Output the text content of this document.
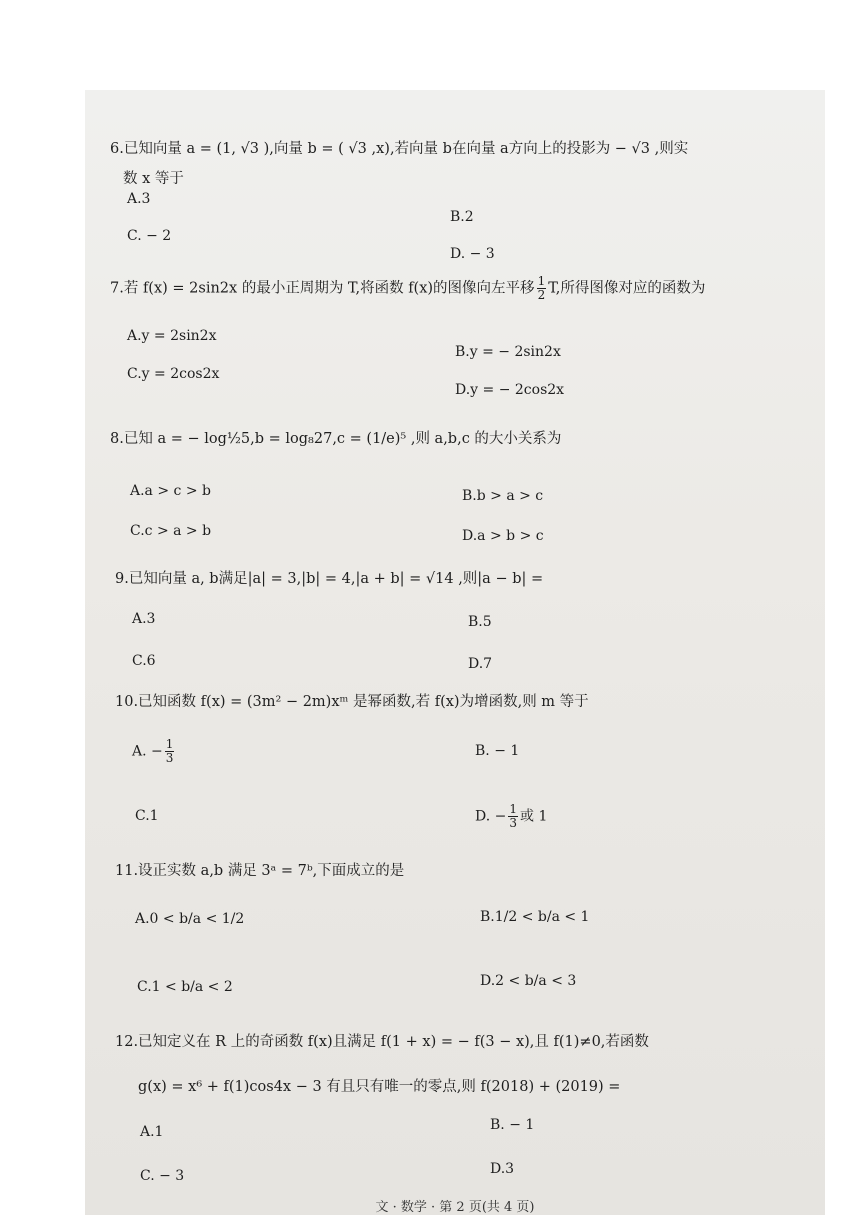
6.已知向量 a = (1, √3 ),向量 b = ( √3 ,x),若向量 b在向量 a方向上的投影为 − √3 ,则实
数 x 等于
A.3
B.2
C. − 2
D. − 3
7.若 f(x) = 2sin2x 的最小正周期为 T,将函数 f(x)的图像向左平移 $\frac{1}{2} T$,所得图像对应的函数为
A.y = 2sin2x
B.y = − 2sin2x
C.y = 2cos2x
D.y = − 2cos2x
8.已知 a = − log½5,b = log₈27,c = (1/e)⁵ ,则 a,b,c 的大小关系为
A.a > c > b	B.b > a > c
C.c > a > b	D.a > b > c
9.已知向量 a, b满足|a| = 3,|b| = 4,|a + b| = √14 ,则|a − b| =
A.3	B.5
C.6	D.7
10.已知函数 f(x) = (3m² − 2m)xᵐ 是幂函数,若 f(x)为增函数,则 m 等于
A. − $\frac{1}{3}$	B. − 1
C.1	D. − $\frac{1}{3}$ 或 1
11.设正实数 a,b 满足 3ᵃ = 7ᵇ,下面成立的是
A.0 < b/a < 1/2	B.1/2 < b/a < 1
C.1 < b/a < 2	D.2 < b/a < 3
12.已知定义在 R 上的奇函数 f(x)且满足 f(1 + x) = − f(3 − x),且 f(1)≠0,若函数
g(x) = x⁶ + f(1)cos4x − 3 有且只有唯一的零点,则 f(2018) + (2019) =
A.1	B. − 1
C. − 3	D.3
文 · 数学 · 第 2 页(共 4 页)
